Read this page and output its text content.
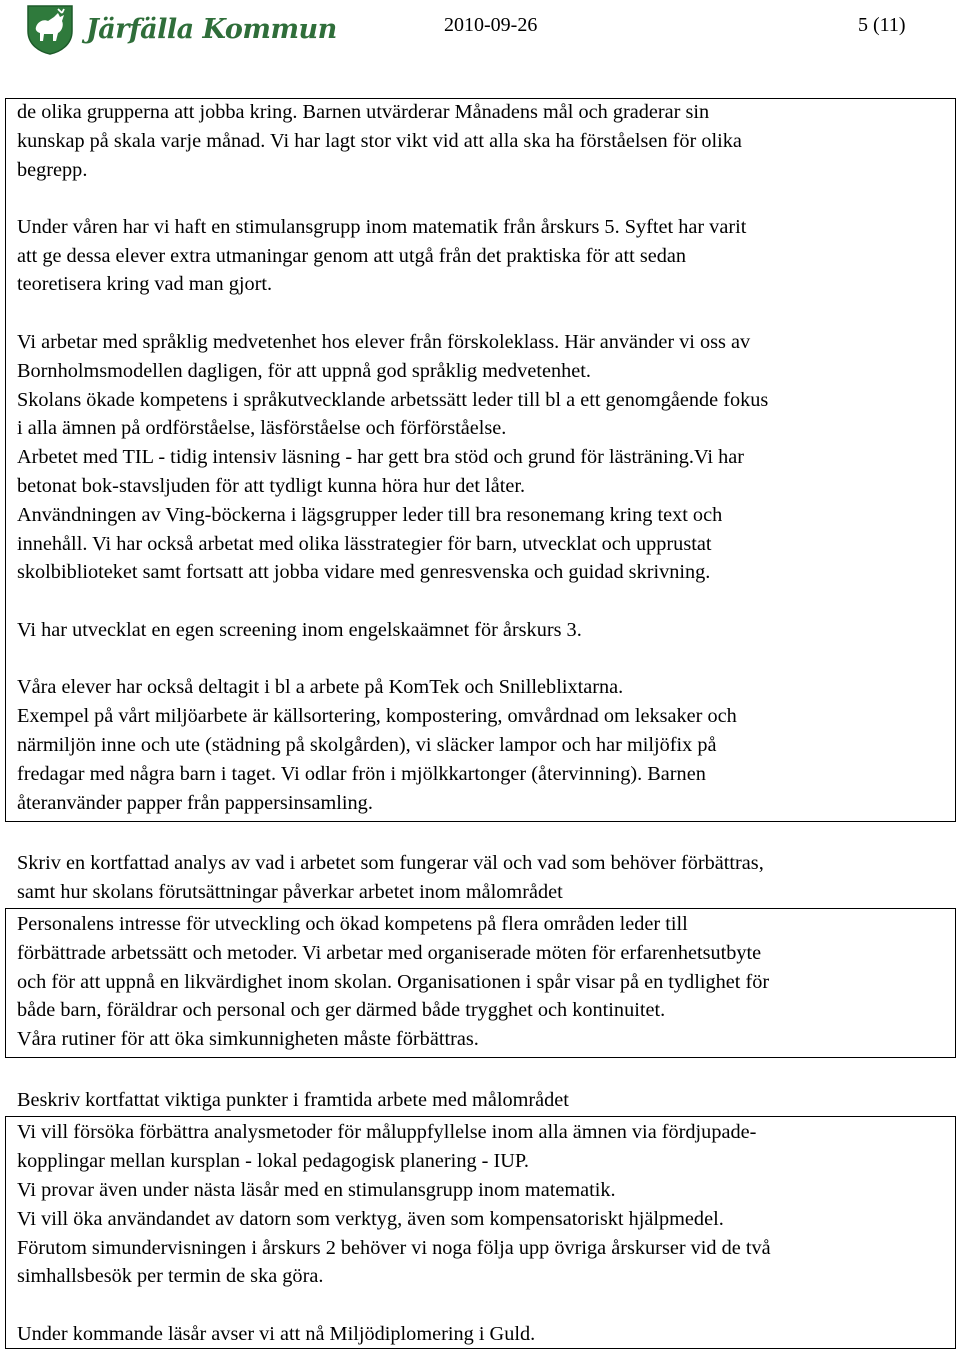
Järfälla Kommun	2010-09-26	5 (11)
de olika grupperna att jobba kring. Barnen utvärderar Månadens mål och graderar sin
kunskap på skala varje månad. Vi har lagt stor vikt vid att alla ska ha förståelsen för olika
begrepp.
Under våren har vi haft en stimulansgrupp inom matematik från årskurs 5. Syftet har varit
att ge dessa elever extra utmaningar genom att utgå från det praktiska för att sedan
teoretisera kring vad man gjort.
Vi arbetar med språklig medvetenhet hos elever från förskoleklass. Här använder vi oss av
Bornholmsmodellen dagligen, för att uppnå god språklig medvetenhet.
Skolans ökade kompetens i språkutvecklande arbetssätt leder till bl a ett genomgående fokus
i alla ämnen på ordförståelse, läsförståelse och förförståelse.
Arbetet med TIL - tidig intensiv läsning - har gett bra stöd och grund för lästräning.Vi har
betonat bok-stavsljuden för att tydligt kunna höra hur det låter.
Användningen av Ving-böckerna i lägsgrupper leder till bra resonemang kring text och
innehåll. Vi har också arbetat med olika lässtrategier för barn, utvecklat och upprustat
skolbiblioteket samt fortsatt att jobba vidare med genresvenska och guidad skrivning.
Vi har utvecklat en egen screening inom engelskaämnet för årskurs 3.
Våra elever har också deltagit i bl a arbete på KomTek och Snilleblixtarna.
Exempel på vårt miljöarbete är källsortering, kompostering, omvårdnad om leksaker och
närmiljön inne och ute (städning på skolgården), vi släcker lampor och har miljöfix på
fredagar med några barn i taget. Vi odlar frön i mjölkkartonger (återvinning). Barnen
återanvänder papper från pappersinsamling.
Skriv en kortfattad analys av vad i arbetet som fungerar väl och vad som behöver förbättras,
samt hur skolans förutsättningar påverkar arbetet inom målområdet
Personalens intresse för utveckling och ökad kompetens på flera områden leder till
förbättrade arbetssätt och metoder. Vi arbetar med organiserade möten för erfarenhetsutbyte
och för att uppnå en likvärdighet inom skolan. Organisationen i spår visar på en tydlighet för
både barn, föräldrar och personal och ger därmed både trygghet och kontinuitet.
Våra rutiner för att öka simkunnigheten måste förbättras.
Beskriv kortfattat viktiga punkter i framtida arbete med målområdet
Vi vill försöka förbättra analysmetoder för måluppfyllelse inom alla ämnen via fördjupade-
kopplingar mellan kursplan - lokal pedagogisk planering - IUP.
Vi provar även under nästa läsår med en stimulansgrupp inom matematik.
Vi vill öka användandet av datorn som verktyg, även som kompensatoriskt hjälpmedel.
Förutom simundervisningen i årskurs 2 behöver vi noga följa upp övriga årskurser vid de två
simhallsbesök per termin de ska göra.
Under kommande läsår avser vi att nå Miljödiplomering i Guld.
